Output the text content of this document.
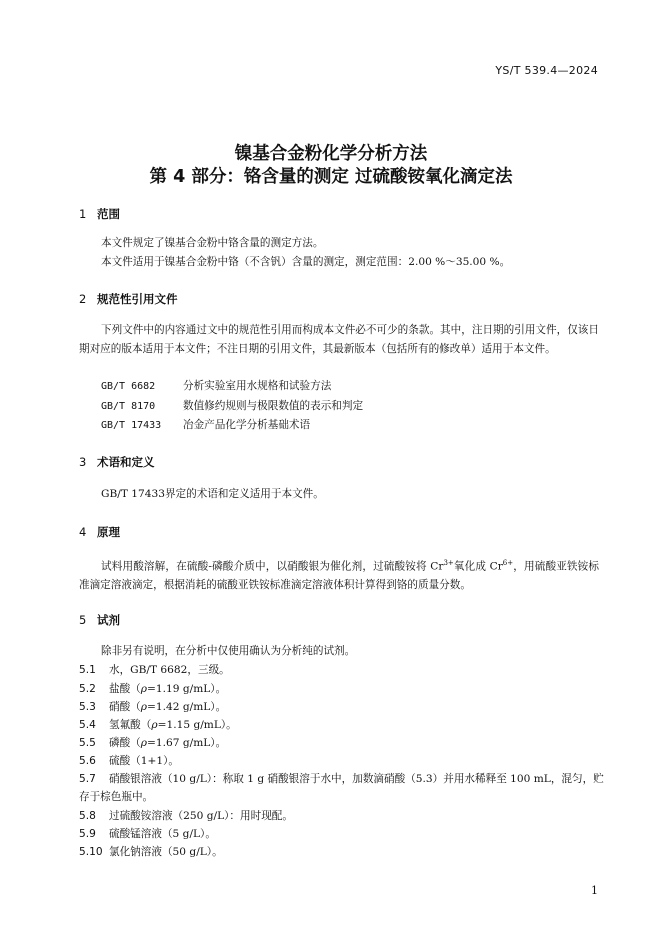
YS/T 539.4—2024
镍基合金粉化学分析方法
第 4 部分：铬含量的测定 过硫酸铵氧化滴定法
1 范围
本文件规定了镍基合金粉中铬含量的测定方法。
本文件适用于镍基合金粉中铬（不含钒）含量的测定，测定范围：2.00 %～35.00 %。
2 规范性引用文件
下列文件中的内容通过文中的规范性引用而构成本文件必不可少的条款。其中，注日期的引用文件，仅该日期对应的版本适用于本文件；不注日期的引用文件，其最新版本（包括所有的修改单）适用于本文件。
GB/T 6682	分析实验室用水规格和试验方法
GB/T 8170	数值修约规则与极限数值的表示和判定
GB/T 17433 冶金产品化学分析基础术语
3 术语和定义
GB/T 17433界定的术语和定义适用于本文件。
4 原理
试料用酸溶解，在硫酸-磷酸介质中，以硝酸银为催化剂，过硫酸铵将 $Cr^{3+}$氧化成 $Cr^{6+}$，用硫酸亚铁铵标准滴定溶液滴定，根据消耗的硫酸亚铁铵标准滴定溶液体积计算得到铬的质量分数。
5 试剂
除非另有说明，在分析中仅使用确认为分析纯的试剂。
5.1 水，GB/T 6682，三级。
5.2 盐酸（ρ=1.19 g/mL）。
5.3 硝酸（ρ=1.42 g/mL）。
5.4 氢氟酸（ρ=1.15 g/mL）。
5.5 磷酸（ρ=1.67 g/mL）。
5.6 硫酸（1+1）。
5.7 硝酸银溶液（10 g/L）：称取 1 g 硝酸银溶于水中，加数滴硝酸（5.3）并用水稀释至 100 mL，混匀，贮存于棕色瓶中。
5.8 过硫酸铵溶液（250 g/L）：用时现配。
5.9 硫酸锰溶液（5 g/L）。
5.10 氯化钠溶液（50 g/L）。
1
